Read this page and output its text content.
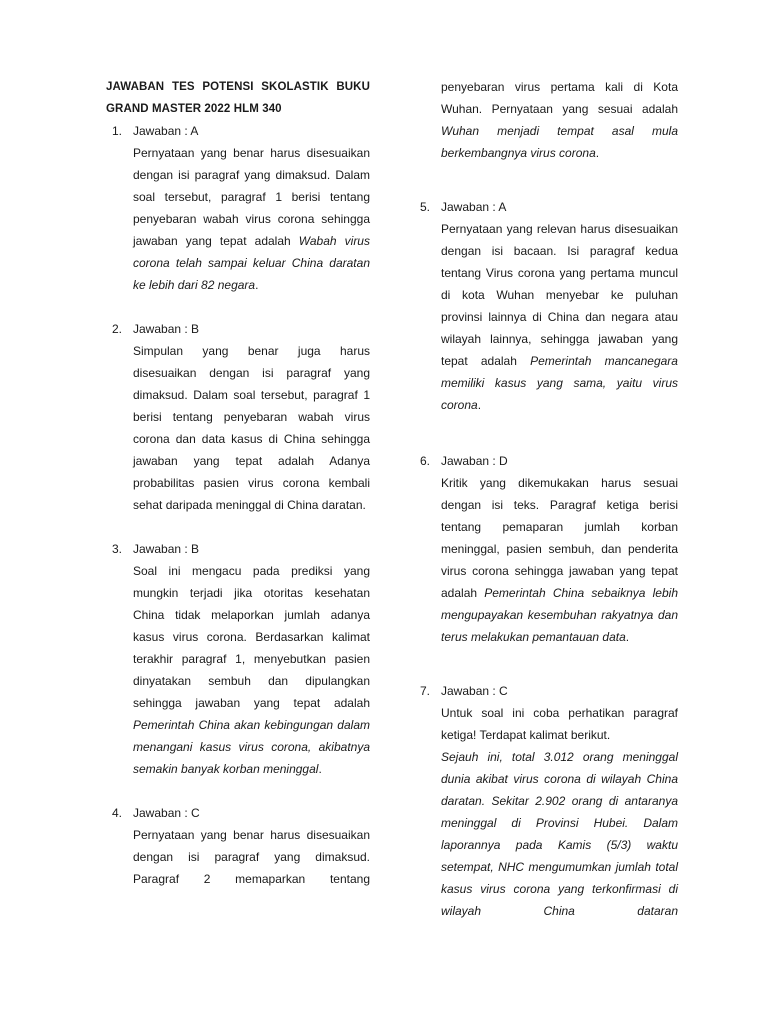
JAWABAN TES POTENSI SKOLASTIK BUKU
GRAND MASTER 2022 HLM 340
1. Jawaban : A
Pernyataan yang benar harus disesuaikan dengan isi paragraf yang dimaksud. Dalam soal tersebut, paragraf 1 berisi tentang penyebaran wabah virus corona sehingga jawaban yang tepat adalah Wabah virus corona telah sampai keluar China daratan ke lebih dari 82 negara.
2. Jawaban : B
Simpulan yang benar juga harus disesuaikan dengan isi paragraf yang dimaksud. Dalam soal tersebut, paragraf 1 berisi tentang penyebaran wabah virus corona dan data kasus di China sehingga jawaban yang tepat adalah Adanya probabilitas pasien virus corona kembali sehat daripada meninggal di China daratan.
3. Jawaban : B
Soal ini mengacu pada prediksi yang mungkin terjadi jika otoritas kesehatan China tidak melaporkan jumlah adanya kasus virus corona. Berdasarkan kalimat terakhir paragraf 1, menyebutkan pasien dinyatakan sembuh dan dipulangkan sehingga jawaban yang tepat adalah Pemerintah China akan kebingungan dalam menangani kasus virus corona, akibatnya semakin banyak korban meninggal.
4. Jawaban : C
Pernyataan yang benar harus disesuaikan dengan isi paragraf yang dimaksud. Paragraf 2 memaparkan tentang
penyebaran virus pertama kali di Kota Wuhan. Pernyataan yang sesuai adalah Wuhan menjadi tempat asal mula berkembangnya virus corona.
5. Jawaban : A
Pernyataan yang relevan harus disesuaikan dengan isi bacaan. Isi paragraf kedua tentang Virus corona yang pertama muncul di kota Wuhan menyebar ke puluhan provinsi lainnya di China dan negara atau wilayah lainnya, sehingga jawaban yang tepat adalah Pemerintah mancanegara memiliki kasus yang sama, yaitu virus corona.
6. Jawaban : D
Kritik yang dikemukakan harus sesuai dengan isi teks. Paragraf ketiga berisi tentang pemaparan jumlah korban meninggal, pasien sembuh, dan penderita virus corona sehingga jawaban yang tepat adalah Pemerintah China sebaiknya lebih mengupayakan kesembuhan rakyatnya dan terus melakukan pemantauan data.
7. Jawaban : C
Untuk soal ini coba perhatikan paragraf ketiga! Terdapat kalimat berikut.
Sejauh ini, total 3.012 orang meninggal dunia akibat virus corona di wilayah China daratan. Sekitar 2.902 orang di antaranya meninggal di Provinsi Hubei. Dalam laporannya pada Kamis (5/3) waktu setempat, NHC mengumumkan jumlah total kasus virus corona yang terkonfirmasi di wilayah China dataran
